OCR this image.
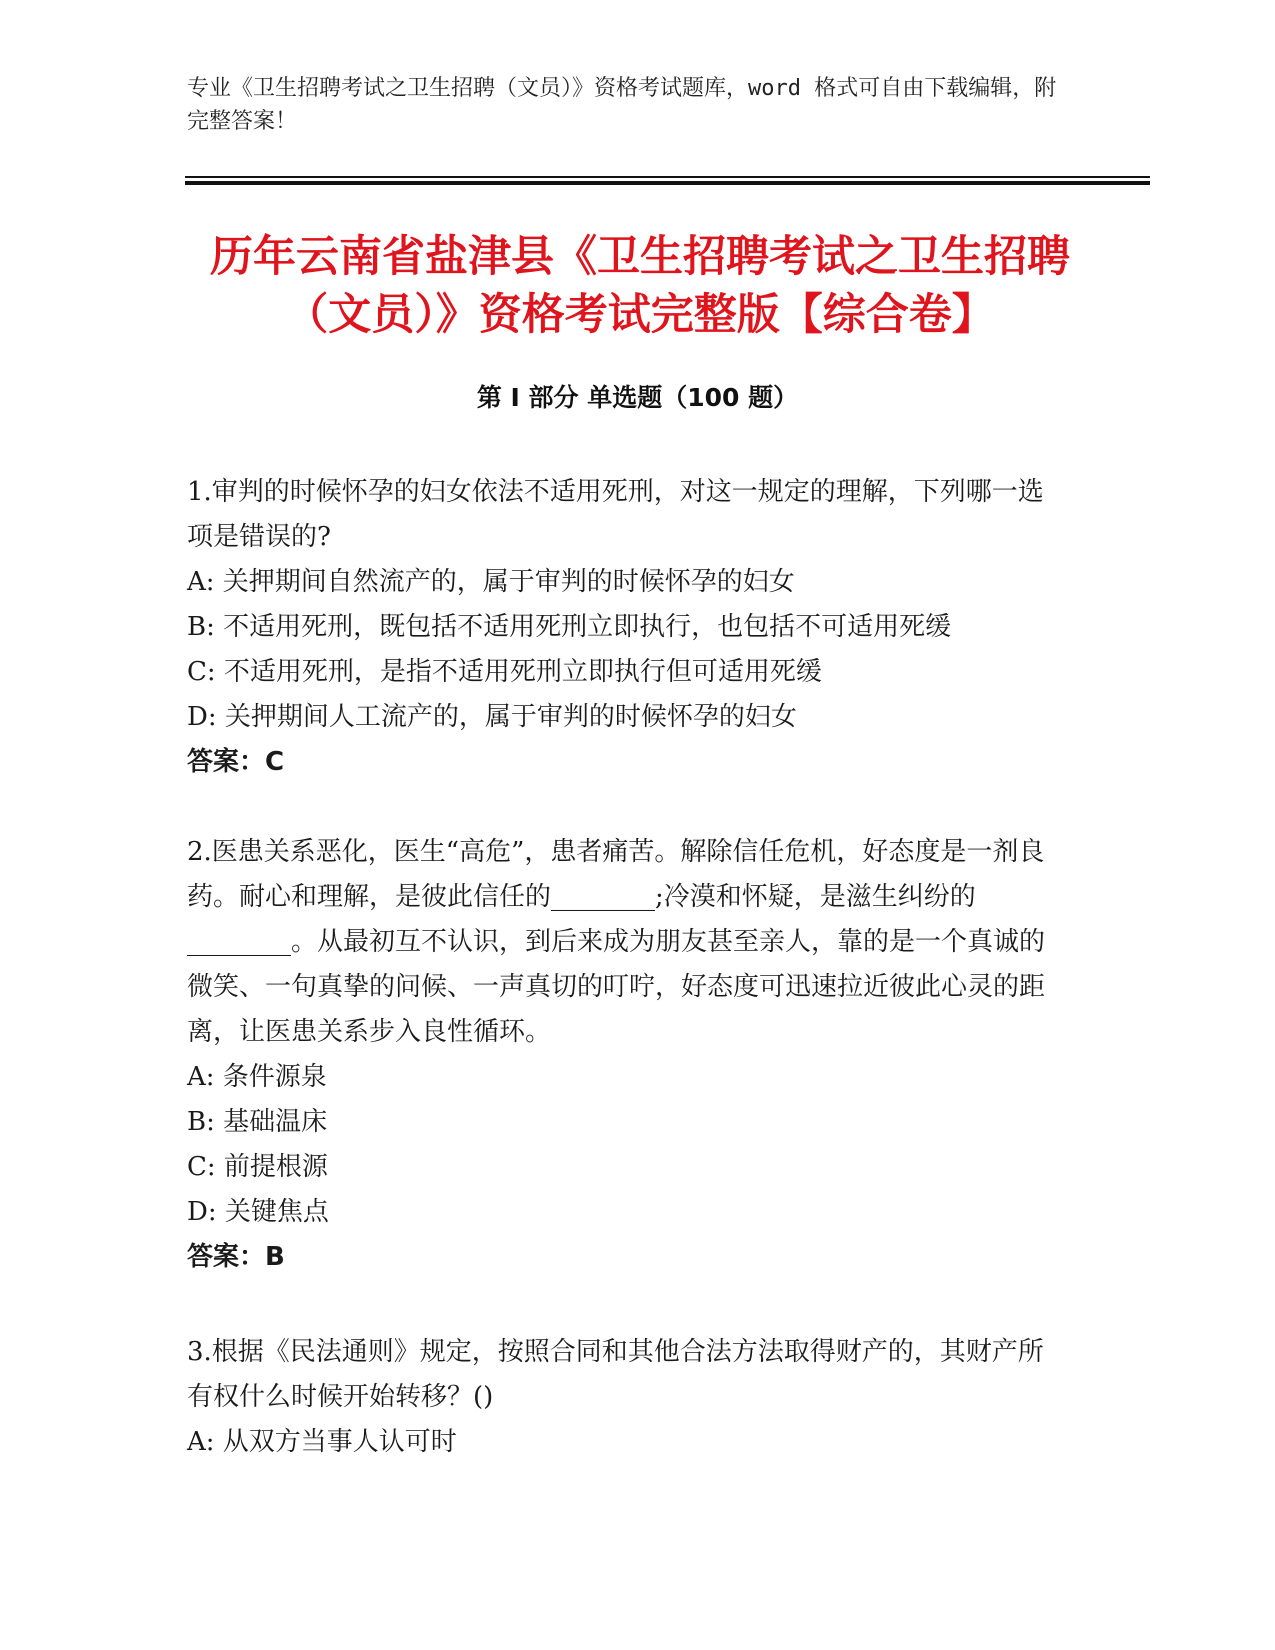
专业《卫生招聘考试之卫生招聘（文员）》资格考试题库，word 格式可自由下载编辑，附完整答案！
历年云南省盐津县《卫生招聘考试之卫生招聘（文员）》资格考试完整版【综合卷】
第 I 部分 单选题（100 题）

1.审判的时候怀孕的妇女依法不适用死刑，对这一规定的理解，下列哪一选项是错误的?

A: 关押期间自然流产的，属于审判的时候怀孕的妇女

B: 不适用死刑，既包括不适用死刑立即执行，也包括不可适用死缓

C: 不适用死刑，是指不适用死刑立即执行但可适用死缓

D: 关押期间人工流产的，属于审判的时候怀孕的妇女

答案：C

2.医患关系恶化，医生“高危”，患者痛苦。解除信任危机，好态度是一剂良药。耐心和理解，是彼此信任的________;冷漠和怀疑，是滋生纠纷的________。从最初互不认识，到后来成为朋友甚至亲人，靠的是一个真诚的微笑、一句真挚的问候、一声真切的叮咛，好态度可迅速拉近彼此心灵的距离，让医患关系步入良性循环。

A: 条件源泉

B: 基础温床

C: 前提根源

D: 关键焦点

答案：B

3.根据《民法通则》规定，按照合同和其他合法方法取得财产的，其财产所有权什么时候开始转移？()

A: 从双方当事人认可时
